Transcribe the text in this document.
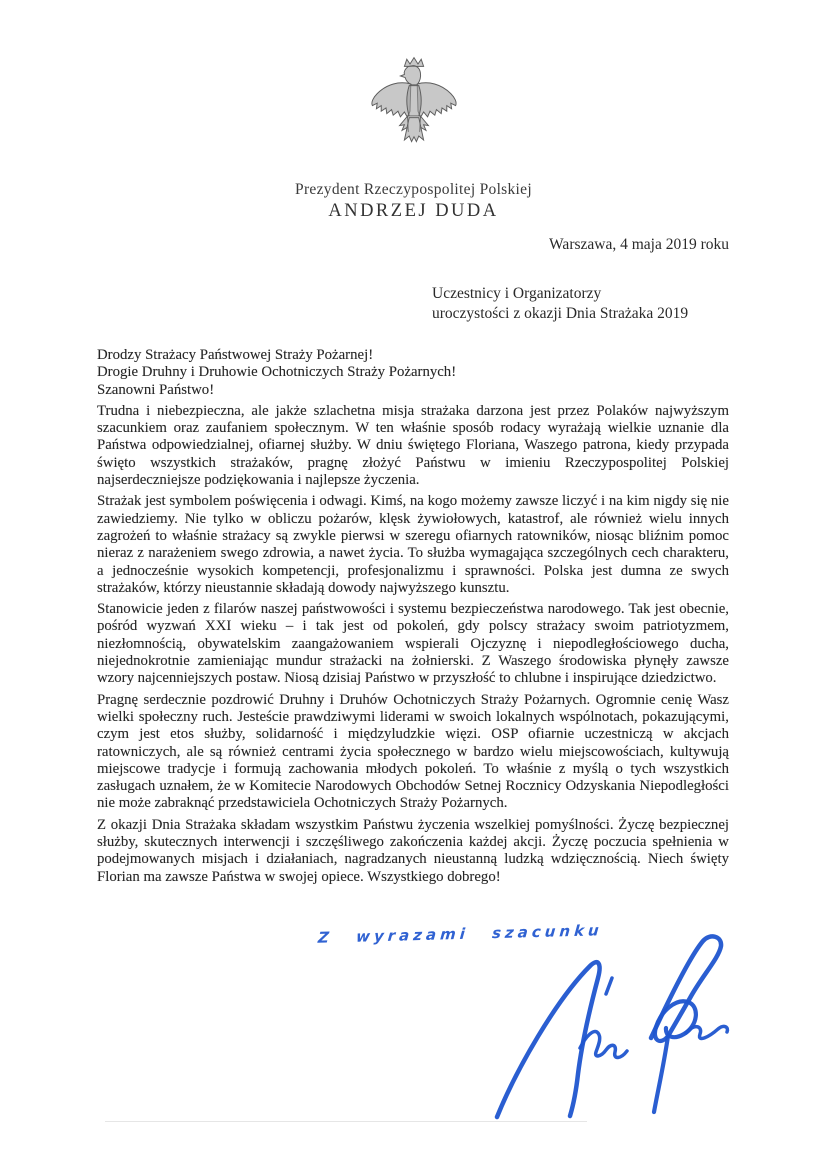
Prezydent Rzeczypospolitej Polskiej
ANDRZEJ DUDA
Warszawa, 4 maja 2019 roku
Uczestnicy i Organizatorzy
uroczystości z okazji Dnia Strażaka 2019
Drodzy Strażacy Państwowej Straży Pożarnej!
Drogie Druhny i Druhowie Ochotniczych Straży Pożarnych!
Szanowni Państwo!

Trudna i niebezpieczna, ale jakże szlachetna misja strażaka darzona jest przez Polaków najwyższym szacunkiem oraz zaufaniem społecznym. W ten właśnie sposób rodacy wyrażają wielkie uznanie dla Państwa odpowiedzialnej, ofiarnej służby. W dniu świętego Floriana, Waszego patrona, kiedy przypada święto wszystkich strażaków, pragnę złożyć Państwu w imieniu Rzeczypospolitej Polskiej najserdeczniejsze podziękowania i najlepsze życzenia.

Strażak jest symbolem poświęcenia i odwagi. Kimś, na kogo możemy zawsze liczyć i na kim nigdy się nie zawiedziemy. Nie tylko w obliczu pożarów, klęsk żywiołowych, katastrof, ale również wielu innych zagrożeń to właśnie strażacy są zwykle pierwsi w szeregu ofiarnych ratowników, niosąc bliźnim pomoc nieraz z narażeniem swego zdrowia, a nawet życia. To służba wymagająca szczególnych cech charakteru, a jednocześnie wysokich kompetencji, profesjonalizmu i sprawności. Polska jest dumna ze swych strażaków, którzy nieustannie składają dowody najwyższego kunsztu.

Stanowicie jeden z filarów naszej państwowości i systemu bezpieczeństwa narodowego. Tak jest obecnie, pośród wyzwań XXI wieku – i tak jest od pokoleń, gdy polscy strażacy swoim patriotyzmem, niezłomnością, obywatelskim zaangażowaniem wspierali Ojczyznę i niepodległościowego ducha, niejednokrotnie zamieniając mundur strażacki na żołnierski. Z Waszego środowiska płynęły zawsze wzory najcenniejszych postaw. Niosą dzisiaj Państwo w przyszłość to chlubne i inspirujące dziedzictwo.

Pragnę serdecznie pozdrowić Druhny i Druhów Ochotniczych Straży Pożarnych. Ogromnie cenię Wasz wielki społeczny ruch. Jesteście prawdziwymi liderami w swoich lokalnych wspólnotach, pokazującymi, czym jest etos służby, solidarność i międzyludzkie więzi. OSP ofiarnie uczestniczą w akcjach ratowniczych, ale są również centrami życia społecznego w bardzo wielu miejscowościach, kultywują miejscowe tradycje i formują zachowania młodych pokoleń. To właśnie z myślą o tych wszystkich zasługach uznałem, że w Komitecie Narodowych Obchodów Setnej Rocznicy Odzyskania Niepodległości nie może zabraknąć przedstawiciela Ochotniczych Straży Pożarnych.

Z okazji Dnia Strażaka składam wszystkim Państwu życzenia wszelkiej pomyślności. Życzę bezpiecznej służby, skutecznych interwencji i szczęśliwego zakończenia każdej akcji. Życzę poczucia spełnienia w podejmowanych misjach i działaniach, nagradzanych nieustanną ludzką wdzięcznością. Niech święty Florian ma zawsze Państwa w swojej opiece. Wszystkiego dobrego!

Z wyrazami szacunku
